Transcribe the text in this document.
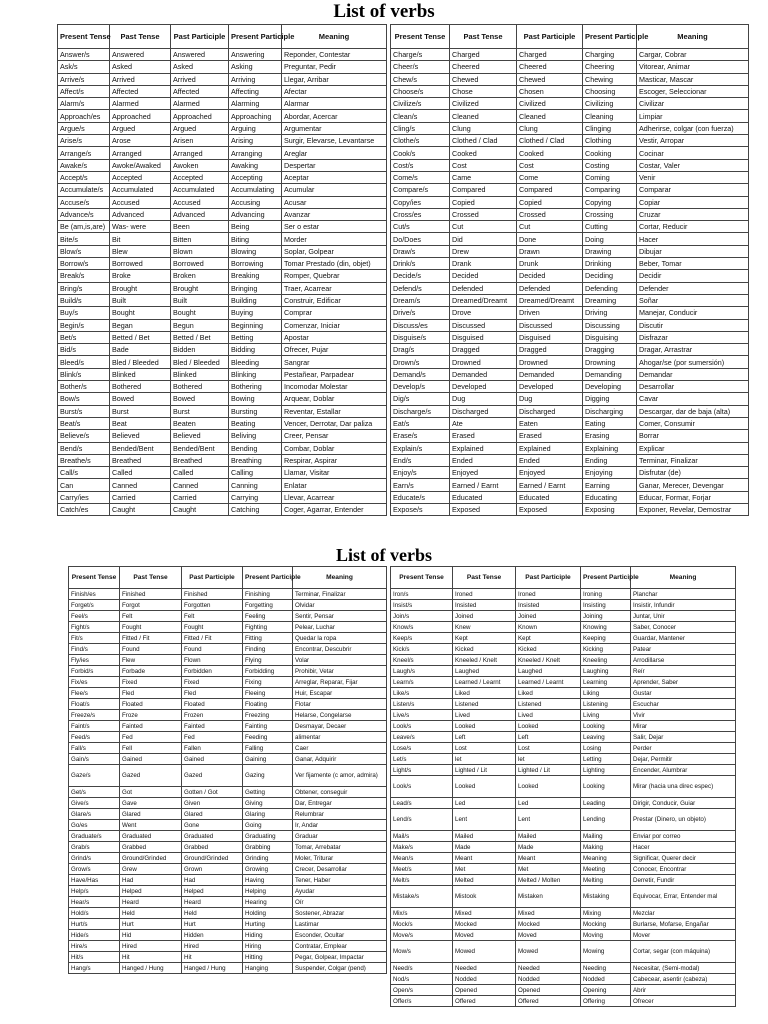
List of verbs
Present Tense	Past Tense	Past Participle	Present Participle	Meaning
Answer/s	Answered	Answered	Answering	Reponder, Contestar
Ask/s	Asked	Asked	Asking	Preguntar, Pedir
Arrive/s	Arrived	Arrived	Arriving	Llegar, Arribar
Affect/s	Affected	Affected	Affecting	Afectar
Alarm/s	Alarmed	Alarmed	Alarming	Alarmar
Approach/es	Approached	Approached	Approaching	Abordar, Acercar
Argue/s	Argued	Argued	Arguing	Argumentar
Arise/s	Arose	Arisen	Arising	Surgir, Elevarse, Levantarse
Arrange/s	Arranged	Arranged	Arranging	Areglar
Awake/s	Awoke/Awaked	Awoken	Awaking	Despertar
Accept/s	Accepted	Accepted	Accepting	Aceptar
Accumulate/s	Accumulated	Accumulated	Accumulating	Acumular
Accuse/s	Accused	Accused	Accusing	Acusar
Advance/s	Advanced	Advanced	Advancing	Avanzar
Be (am,is,are)	Was- were	Been	Being	Ser o estar
Bite/s	Bit	Bitten	Biting	Morder
Blow/s	Blew	Blown	Blowing	Soplar, Golpear
Borrow/s	Borrowed	Borrowed	Borrowing	Tomar Prestado (din, objet)
Break/s	Broke	Broken	Breaking	Romper, Quebrar
Bring/s	Brought	Brought	Bringing	Traer, Acarrear
Build/s	Built	Built	Building	Construir, Edificar
Buy/s	Bought	Bought	Buying	Comprar
Begin/s	Began	Begun	Beginning	Comenzar, Iniciar
Bet/s	Betted / Bet	Betted / Bet	Betting	Apostar
Bid/s	Bade	Bidden	Bidding	Ofrecer, Pujar
Bleed/s	Bled / Bleeded	Bled / Bleeded	Bleeding	Sangrar
Blink/s	Blinked	Blinked	Blinking	Pestañear, Parpadear
Bother/s	Bothered	Bothered	Bothering	Incomodar Molestar
Bow/s	Bowed	Bowed	Bowing	Arquear, Doblar
Burst/s	Burst	Burst	Bursting	Reventar, Estallar
Beat/s	Beat	Beaten	Beating	Vencer, Derrotar, Dar paliza
Believe/s	Believed	Believed	Beliving	Creer, Pensar
Bend/s	Bended/Bent	Bended/Bent	Bending	Combar, Doblar
Breathe/s	Breathed	Breathed	Breathing	Respirar, Aspirar
Call/s	Called	Called	Calling	Llamar, Visitar
Can	Canned	Canned	Canning	Enlatar
Carry/ies	Carried	Carried	Carrying	Llevar, Acarrear
Catch/es	Caught	Caught	Catching	Coger, Agarrar, Entender
Present Tense	Past Tense	Past Participle	Present Participle	Meaning
Charge/s	Charged	Charged	Charging	Cargar, Cobrar
Cheer/s	Cheered	Cheered	Cheering	Vitorear, Animar
Chew/s	Chewed	Chewed	Chewing	Masticar, Mascar
Choose/s	Chose	Chosen	Choosing	Escoger, Seleccionar
Civilize/s	Civilized	Civilized	Civilizing	Civilizar
Clean/s	Cleaned	Cleaned	Cleaning	Limpiar
Cling/s	Clung	Clung	Clinging	Adherirse, colgar (con fuerza)
Clothe/s	Clothed / Clad	Clothed / Clad	Clothing	Vestir, Arropar
Cook/s	Cooked	Cooked	Cooking	Cocinar
Cost/s	Cost	Cost	Costing	Costar, Valer
Come/s	Came	Come	Coming	Venir
Compare/s	Compared	Compared	Comparing	Comparar
Copy/ies	Copied	Copied	Copying	Copiar
Cross/es	Crossed	Crossed	Crossing	Cruzar
Cut/s	Cut	Cut	Cutting	Cortar, Reducir
Do/Does	Did	Done	Doing	Hacer
Draw/s	Drew	Drawn	Drawing	Dibujar
Drink/s	Drank	Drunk	Drinking	Beber, Tomar
Decide/s	Decided	Decided	Deciding	Decidir
Defend/s	Defended	Defended	Defending	Defender
Dream/s	Dreamed/Dreamt	Dreamed/Dreamt	Dreaming	Soñar
Drive/s	Drove	Driven	Driving	Manejar, Conducir
Discuss/es	Discussed	Discussed	Discussing	Discutir
Disguise/s	Disguised	Disguised	Disguising	Disfrazar
Drag/s	Dragged	Dragged	Dragging	Dragar, Arrastrar
Drown/s	Drowned	Drowned	Drowning	Ahogar/se (por sumersión)
Demand/s	Demanded	Demanded	Demanding	Demandar
Develop/s	Developed	Developed	Developing	Desarrollar
Dig/s	Dug	Dug	Digging	Cavar
Discharge/s	Discharged	Discharged	Discharging	Descargar, dar de baja (alta)
Eat/s	Ate	Eaten	Eating	Comer, Consumir
Erase/s	Erased	Erased	Erasing	Borrar
Explain/s	Explained	Explained	Explaining	Explicar
End/s	Ended	Ended	Ending	Terminar, Finalizar
Enjoy/s	Enjoyed	Enjoyed	Enjoying	Disfrutar (de)
Earn/s	Earned / Earnt	Earned / Earnt	Earning	Ganar, Merecer, Devengar
Educate/s	Educated	Educated	Educating	Educar, Formar, Forjar
Expose/s	Exposed	Exposed	Exposing	Exponer, Revelar, Demostrar
List of verbs
Present Tense	Past Tense	Past Participle	Present Participle	Meaning
Finish/es	Finished	Finished	Finishing	Terminar, Finalizar
Forget/s	Forgot	Forgotten	Forgetting	Olvidar
Feel/s	Felt	Felt	Feeling	Sentir, Pensar
Fight/s	Fought	Fought	Fighting	Pelear, Luchar
Fit/s	Fitted / Fit	Fitted / Fit	Fitting	Quedar la ropa
Find/s	Found	Found	Finding	Encontrar, Descubrir
Fly/ies	Flew	Flown	Flying	Volar
Forbid/s	Forbade	Forbidden	Forbidding	Prohibir, Vetar
Fix/es	Fixed	Fixed	Fixing	Arreglar, Reparar, Fijar
Flee/s	Fled	Fled	Fleeing	Huir, Escapar
Float/s	Floated	Floated	Floating	Flotar
Freeze/s	Froze	Frozen	Freezing	Helarse, Congelarse
Faint/s	Fainted	Fainted	Fainting	Desmayar, Decaer
Feed/s	Fed	Fed	Feeding	alimentar
Fall/s	Fell	Fallen	Falling	Caer
Gain/s	Gained	Gained	Gaining	Ganar, Adquirir
Gaze/s	Gazed	Gazed	Gazing	Ver fijamente (c amor, admira)
Get/s	Got	Gotten / Got	Getting	Obtener, conseguir
Give/s	Gave	Given	Giving	Dar, Entregar
Glare/s	Glared	Glared	Glaring	Relumbrar
Go/es	Went	Gone	Going	Ir, Andar
Graduate/s	Graduated	Graduated	Graduating	Graduar
Grab/s	Grabbed	Grabbed	Grabbing	Tomar, Arrebatar
Grind/s	Ground/Grinded	Ground/Grinded	Grinding	Moler, Triturar
Grow/s	Grew	Grown	Growing	Crecer, Desarrollar
Have/Has	Had	Had	Having	Tener, Haber
Help/s	Helped	Helped	Helping	Ayudar
Hear/s	Heard	Heard	Hearing	Oír
Hold/s	Held	Held	Holding	Sostener, Abrazar
Hurt/s	Hurt	Hurt	Hurting	Lastimar
Hide/s	Hid	Hidden	Hiding	Esconder, Ocultar
Hire/s	Hired	Hired	Hiring	Contratar, Emplear
Hit/s	Hit	Hit	Hitting	Pegar, Golpear, Impactar
Hang/s	Hanged / Hung	Hanged / Hung	Hanging	Suspender, Colgar (pend)
Present Tense	Past Tense	Past Participle	Present Participle	Meaning
Iron/s	Ironed	Ironed	Ironing	Planchar
Insist/s	Insisted	Insisted	Insisting	Insistir, Infundir
Join/s	Joined	Joined	Joining	Juntar, Unir
Know/s	Knew	Known	Knowing	Saber, Conocer
Keep/s	Kept	Kept	Keeping	Guardar, Mantener
Kick/s	Kicked	Kicked	Kicking	Patear
Kneel/s	Kneeled / Knelt	Kneeled / Knelt	Kneeling	Arrodillarse
Laugh/s	Laughed	Laughed	Laughing	Reír
Learn/s	Learned / Learnt	Learned / Learnt	Learning	Aprender, Saber
Like/s	Liked	Liked	Liking	Gustar
Listen/s	Listened	Listened	Listening	Escuchar
Live/s	Lived	Lived	Living	Vivir
Look/s	Looked	Looked	Looking	Mirar
Leave/s	Left	Left	Leaving	Salir, Dejar
Lose/s	Lost	Lost	Losing	Perder
Let/s	let	let	Letting	Dejar, Permitir
Light/s	Lighted / Lit	Lighted / Lit	Lighting	Encender, Alumbrar
Look/s	Looked	Looked	Looking	Mirar (hacia una direc espec)
Lead/s	Led	Led	Leading	Dirigir, Conducir, Guiar
Lend/s	Lent	Lent	Lending	Prestar (Dinero, un objeto)
Mail/s	Mailed	Mailed	Mailing	Enviar por correo
Make/s	Made	Made	Making	Hacer
Mean/s	Meant	Meant	Meaning	Significar, Querer decir
Meet/s	Met	Met	Meeting	Conocer, Encontrar
Melt/s	Melted	Melted / Molten	Melting	Derretir, Fundir
Mistake/s	Mistook	Mistaken	Mistaking	Equivocar, Errar, Entender mal
Mix/s	Mixed	Mixed	Mixing	Mezclar
Mock/s	Mocked	Mocked	Mocking	Burlarse, Mofarse, Engañar
Move/s	Moved	Moved	Moving	Mover
Mow/s	Mowed	Mowed	Mowing	Cortar, segar (con máquina)
Need/s	Needed	Needed	Needing	Necesitar, (Semi-modal)
Nod/s	Nodded	Nodded	Nodded	Cabecear, asentir (cabeza)
Open/s	Opened	Opened	Opening	Abrir
Offer/s	Offered	Offered	Offering	Ofrecer
